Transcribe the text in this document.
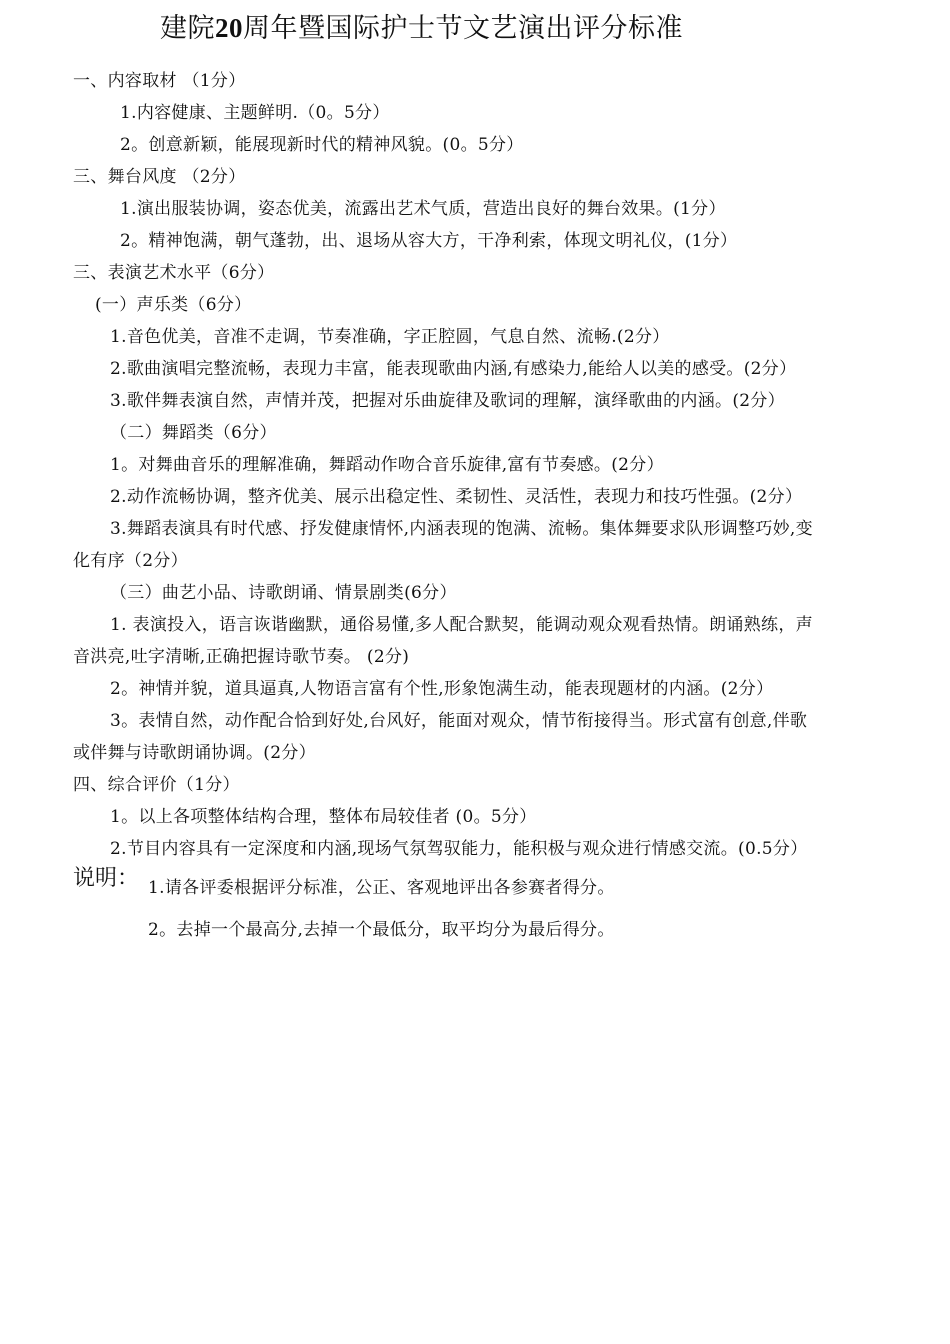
建院20周年暨国际护士节文艺演出评分标准
一、内容取材 （1分）
1.内容健康、主题鲜明.（0。5分）
2。创意新颖，能展现新时代的精神风貌。(0。5分）
三、舞台风度 （2分）
1.演出服装协调，姿态优美，流露出艺术气质，营造出良好的舞台效果。(1分）
2。精神饱满，朝气蓬勃，出、退场从容大方，干净利索，体现文明礼仪，(1分）
三、表演艺术水平（6分）
(一）声乐类（6分）
1.音色优美，音准不走调，节奏准确，字正腔圆，气息自然、流畅.(2分）
2.歌曲演唱完整流畅，表现力丰富，能表现歌曲内涵,有感染力,能给人以美的感受。(2分）
3.歌伴舞表演自然，声情并茂，把握对乐曲旋律及歌词的理解，演绎歌曲的内涵。(2分）
（二）舞蹈类（6分）
1。对舞曲音乐的理解准确，舞蹈动作吻合音乐旋律,富有节奏感。(2分）
2.动作流畅协调，整齐优美、展示出稳定性、柔韧性、灵活性，表现力和技巧性强。(2分）
3.舞蹈表演具有时代感、抒发健康情怀,内涵表现的饱满、流畅。集体舞要求队形调整巧妙,变
化有序（2分）
（三）曲艺小品、诗歌朗诵、情景剧类(6分）
1. 表演投入，语言诙谐幽默，通俗易懂,多人配合默契，能调动观众观看热情。朗诵熟练，声
音洪亮,吐字清晰,正确把握诗歌节奏。 (2分)
2。神情并貌，道具逼真,人物语言富有个性,形象饱满生动，能表现题材的内涵。(2分）
3。表情自然，动作配合恰到好处,台风好，能面对观众，情节衔接得当。形式富有创意,伴歌
或伴舞与诗歌朗诵协调。(2分）
四、综合评价（1分）
1。以上各项整体结构合理，整体布局较佳者 (0。5分）
2.节目内容具有一定深度和内涵,现场气氛驾驭能力，能积极与观众进行情感交流。(0.5分）
说明： 1.请各评委根据评分标准，公正、客观地评出各参赛者得分。
2。去掉一个最高分,去掉一个最低分，取平均分为最后得分。
